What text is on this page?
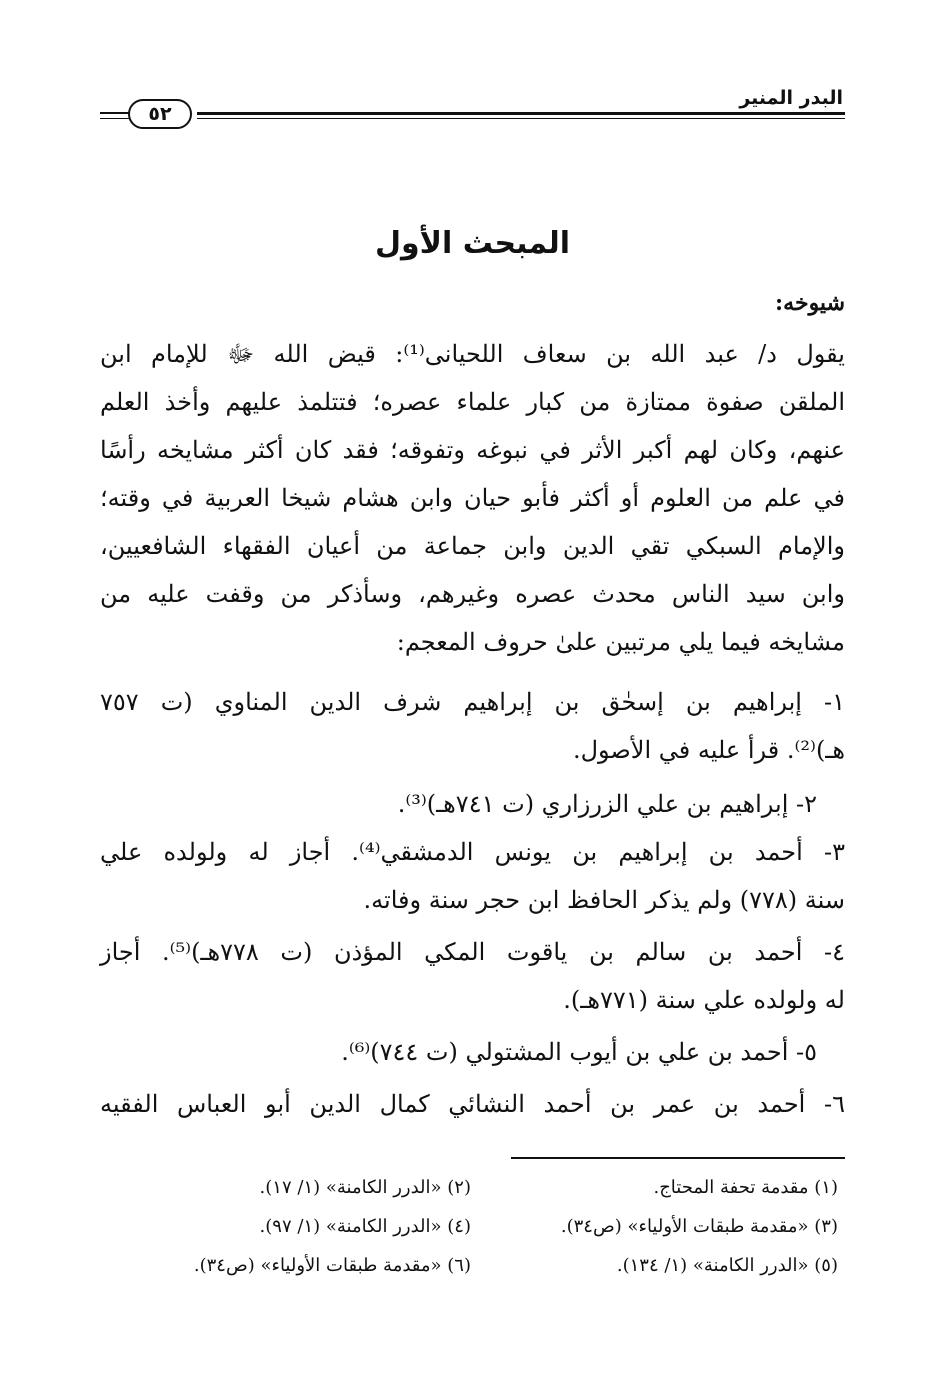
البدر المنير
٥٢
المبحث الأول
شيوخه:
يقول د/ عبد الله بن سعاف اللحيانى⁽¹⁾: قيض الله ﷻ للإمام ابن
الملقن صفوة ممتازة من كبار علماء عصره؛ فتتلمذ عليهم وأخذ العلم
عنهم، وكان لهم أكبر الأثر في نبوغه وتفوقه؛ فقد كان أكثر مشايخه رأسًا
في علم من العلوم أو أكثر فأبو حيان وابن هشام شيخا العربية في وقته؛
والإمام السبكي تقي الدين وابن جماعة من أعيان الفقهاء الشافعيين،
وابن سيد الناس محدث عصره وغيرهم، وسأذكر من وقفت عليه من
مشايخه فيما يلي مرتبين علىٰ حروف المعجم:
١- إبراهيم بن إسحٰق بن إبراهيم شرف الدين المناوي (ت ٧٥٧
هـ)⁽²⁾. قرأ عليه في الأصول.
٢- إبراهيم بن علي الزرزاري (ت ٧٤١هـ)⁽³⁾.
٣- أحمد بن إبراهيم بن يونس الدمشقي⁽⁴⁾. أجاز له ولولده علي
سنة (٧٧٨) ولم يذكر الحافظ ابن حجر سنة وفاته.
٤- أحمد بن سالم بن ياقوت المكي المؤذن (ت ٧٧٨هـ)⁽⁵⁾. أجاز
له ولولده علي سنة (٧٧١هـ).
٥- أحمد بن علي بن أيوب المشتولي (ت ٧٤٤)⁽⁶⁾.
٦- أحمد بن عمر بن أحمد النشائي كمال الدين أبو العباس الفقيه
(١) مقدمة تحفة المحتاج.
(٢) «الدرر الكامنة» (١/ ١٧).
(٣) «مقدمة طبقات الأولياء» (ص٣٤).
(٤) «الدرر الكامنة» (١/ ٩٧).
(٥) «الدرر الكامنة» (١/ ١٣٤).
(٦) «مقدمة طبقات الأولياء» (ص٣٤).
